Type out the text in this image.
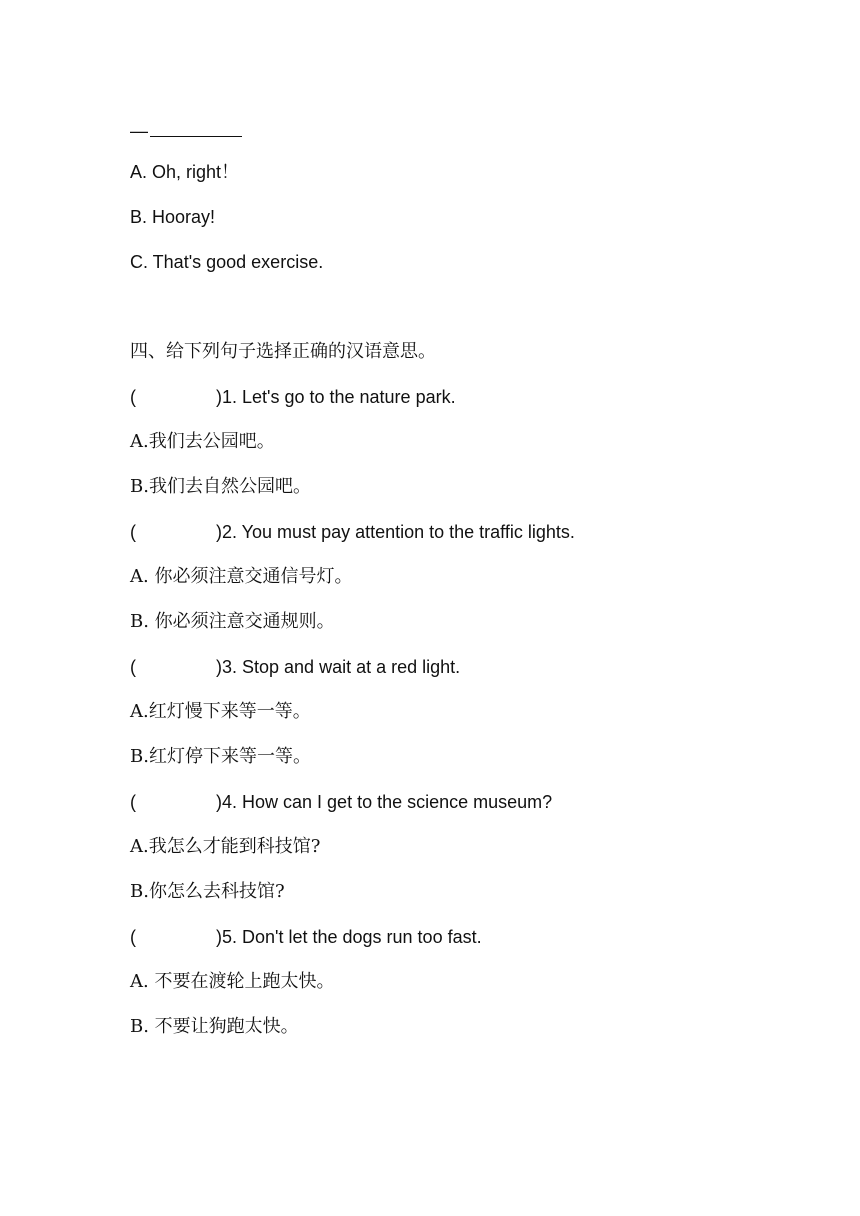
—
A. Oh, right！
B. Hooray!
C. That's good exercise.
四、给下列句子选择正确的汉语意思。
(	)1. Let's go to the nature park.
A.我们去公园吧。
B.我们去自然公园吧。
(	)2. You must pay attention to the traffic lights.
A. 你必须注意交通信号灯。
B. 你必须注意交通规则。
(	)3. Stop and wait at a red light.
A.红灯慢下来等一等。
B.红灯停下来等一等。
(	)4. How can I get to the science museum?
A.我怎么才能到科技馆?
B.你怎么去科技馆?
(	)5. Don't let the dogs run too fast.
A. 不要在渡轮上跑太快。
B. 不要让狗跑太快。
